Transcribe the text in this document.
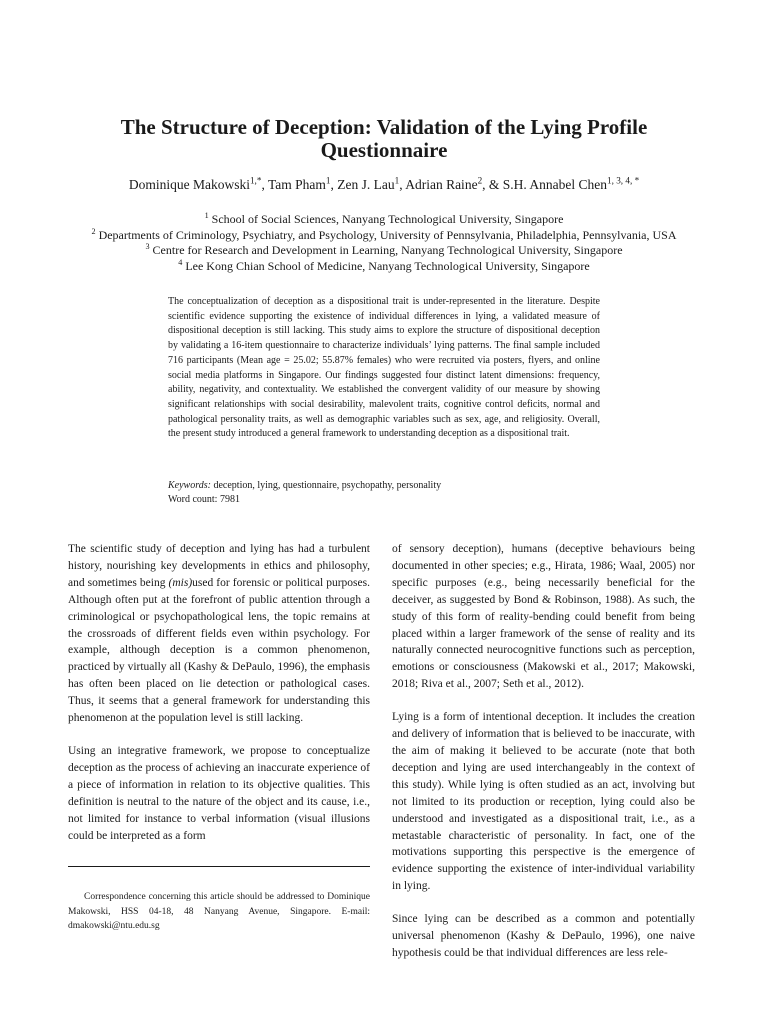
The Structure of Deception: Validation of the Lying Profile Questionnaire
Dominique Makowski$^{1,*}$, Tam Pham$^1$, Zen J. Lau$^1$, Adrian Raine$^2$, & S.H. Annabel Chen$^{1, 3, 4, *}$
$^1$ School of Social Sciences, Nanyang Technological University, Singapore
$^2$ Departments of Criminology, Psychiatry, and Psychology, University of Pennsylvania, Philadelphia, Pennsylvania, USA
$^3$ Centre for Research and Development in Learning, Nanyang Technological University, Singapore
$^4$ Lee Kong Chian School of Medicine, Nanyang Technological University, Singapore
The conceptualization of deception as a dispositional trait is under-represented in the literature. Despite scientific evidence supporting the existence of individual differences in lying, a validated measure of dispositional deception is still lacking. This study aims to explore the structure of dispositional deception by validating a 16-item questionnaire to characterize individuals’ lying patterns. The final sample included 716 participants (Mean age = 25.02; 55.87% females) who were recruited via posters, flyers, and online social media platforms in Singapore. Our findings suggested four distinct latent dimensions: frequency, ability, negativity, and contextuality. We established the convergent validity of our measure by showing significant relationships with social desirability, malevolent traits, cognitive control deficits, normal and pathological personality traits, as well as demographic variables such as sex, age, and religiosity. Overall, the present study introduced a general framework to understanding deception as a dispositional trait.
Keywords: deception, lying, questionnaire, psychopathy, personality
Word count: 7981

The scientific study of deception and lying has had a turbulent history, nourishing key developments in ethics and philosophy, and sometimes being (mis)used for forensic or political purposes. Although often put at the forefront of public attention through a criminological or psychopathological lens, the topic remains at the crossroads of different fields even within psychology. For example, although deception is a common phenomenon, practiced by virtually all (Kashy & DePaulo, 1996), the emphasis has often been placed on lie detection or pathological cases. Thus, it seems that a general framework for understanding this phenomenon at the population level is still lacking.

Using an integrative framework, we propose to conceptualize deception as the process of achieving an inaccurate experience of a piece of information in relation to its objective qualities. This definition is neutral to the nature of the object and its cause, i.e., not limited for instance to verbal information (visual illusions could be interpreted as a form

Correspondence concerning this article should be addressed to Dominique Makowski, HSS 04-18, 48 Nanyang Avenue, Singapore. E-mail: dmakowski@ntu.edu.sg

of sensory deception), humans (deceptive behaviours being documented in other species; e.g., Hirata, 1986; Waal, 2005) nor specific purposes (e.g., being necessarily beneficial for the deceiver, as suggested by Bond & Robinson, 1988). As such, the study of this form of reality-bending could benefit from being placed within a larger framework of the sense of reality and its naturally connected neurocognitive functions such as perception, emotions or consciousness (Makowski et al., 2017; Makowski, 2018; Riva et al., 2007; Seth et al., 2012).

Lying is a form of intentional deception. It includes the creation and delivery of information that is believed to be inaccurate, with the aim of making it believed to be accurate (note that both deception and lying are used interchangeably in the context of this study). While lying is often studied as an act, involving but not limited to its production or reception, lying could also be understood and investigated as a dispositional trait, i.e., as a metastable characteristic of personality. In fact, one of the motivations supporting this perspective is the emergence of evidence supporting the existence of inter-individual variability in lying.

Since lying can be described as a common and potentially universal phenomenon (Kashy & DePaulo, 1996), one naive hypothesis could be that individual differences are less rele-
